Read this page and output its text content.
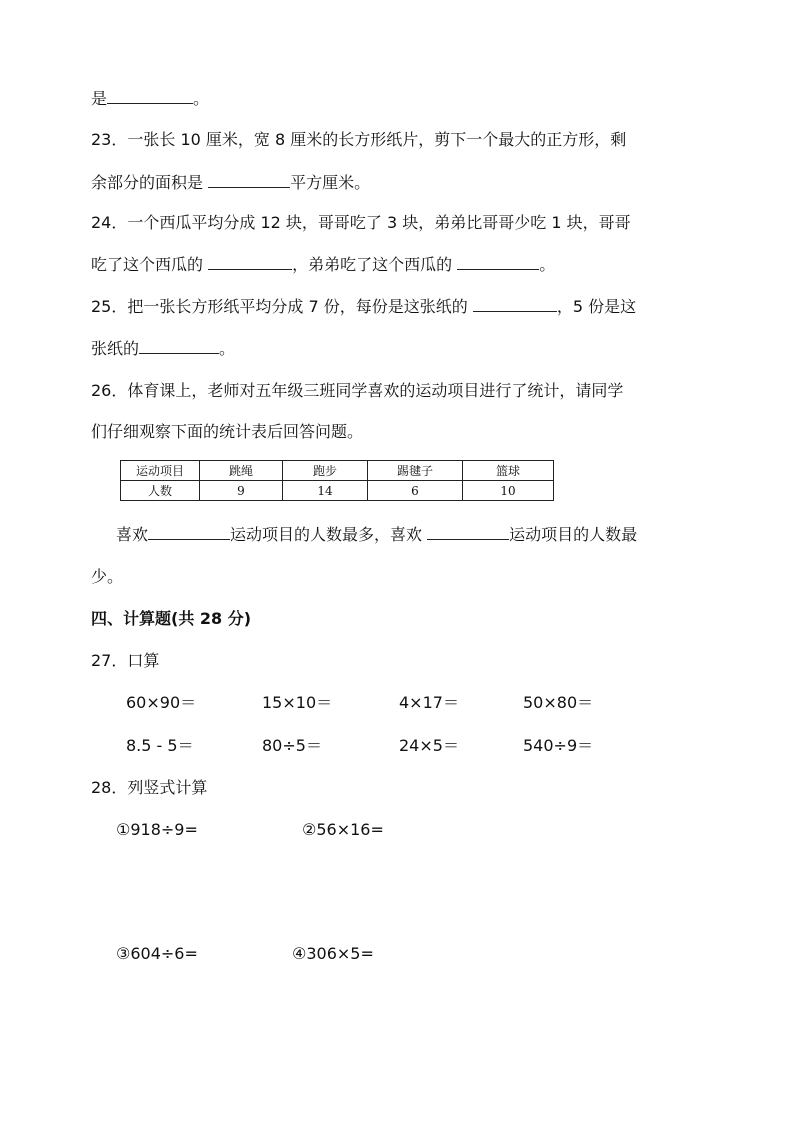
是	。
23．一张长 10 厘米，宽 8 厘米的长方形纸片，剪下一个最大的正方形，剩
余部分的面积是	平方厘米。
24．一个西瓜平均分成 12 块，哥哥吃了 3 块，弟弟比哥哥少吃 1 块，哥哥
吃了这个西瓜的	，弟弟吃了这个西瓜的	。
25．把一张长方形纸平均分成 7 份，每份是这张纸的	，5 份是这
张纸的	。
26．体育课上，老师对五年级三班同学喜欢的运动项目进行了统计，请同学
们仔细观察下面的统计表后回答问题。
运动项目	跳绳	跑步	踢毽子	篮球
人数	9	14	6	10
喜欢	运动项目的人数最多，喜欢	运动项目的人数最
少。
四、计算题(共 28 分)
27．口算
60×90＝	15×10＝	4×17＝	50×80＝
8.5 - 5＝	80÷5＝	24×5＝	540÷9＝
28．列竖式计算
①918÷9=	②56×16=
③604÷6=	④306×5=
